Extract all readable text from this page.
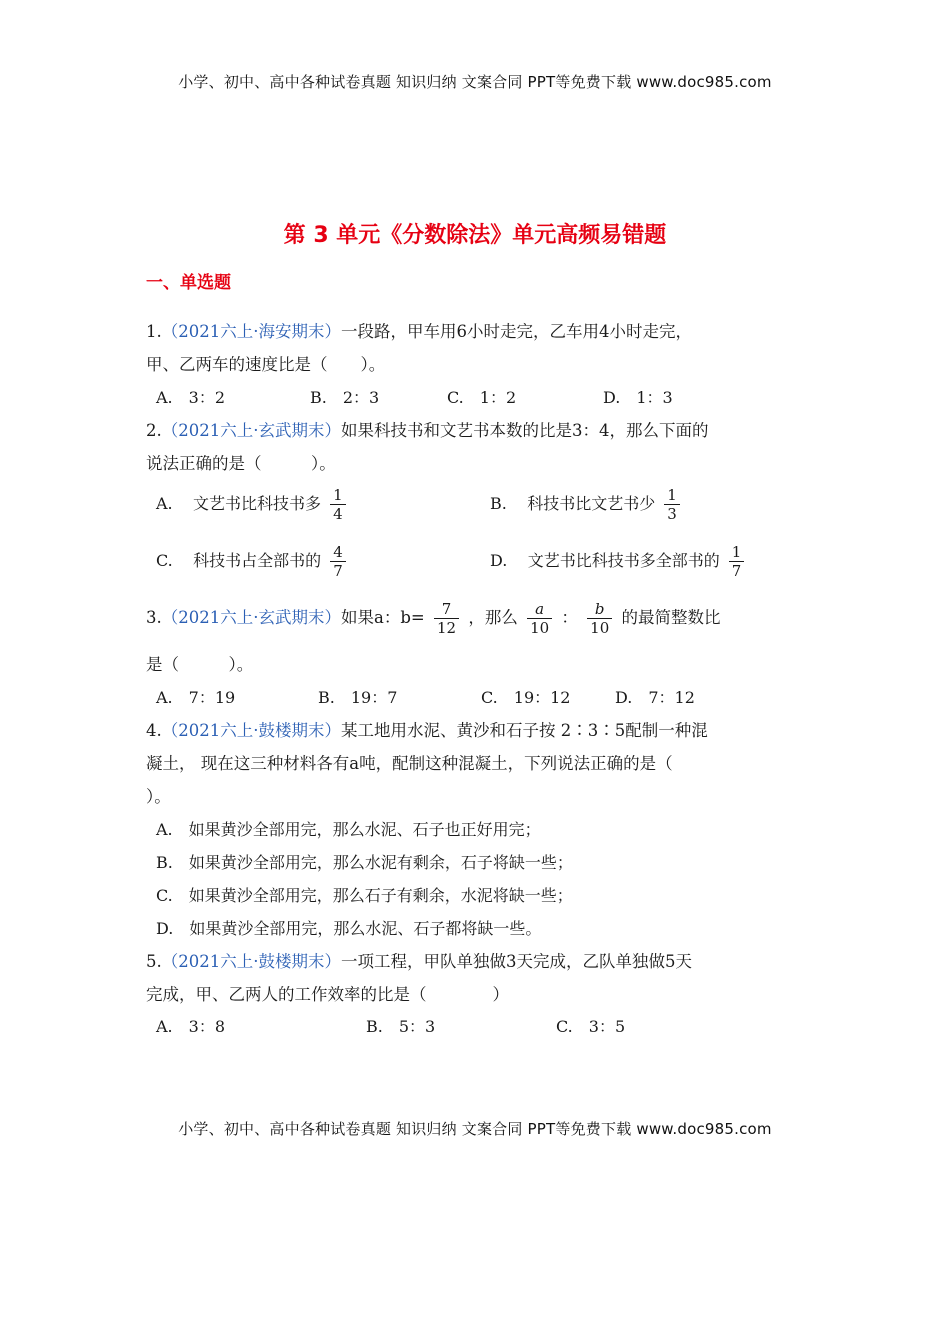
小学、初中、高中各种试卷真题 知识归纳 文案合同 PPT等免费下载 www.doc985.com
第 3 单元《分数除法》单元高频易错题
一、单选题
1.（2021六上·海安期末）一段路，甲车用6小时走完，乙车用4小时走完，
甲、乙两车的速度比是（　　）。
A.　3：2	B.　2：3	C.　1：2	D.　1：3
2.（2021六上·玄武期末）如果科技书和文艺书本数的比是3：4，那么下面的
说法正确的是（　　　）。
A. 文艺书比科技书多 $\frac{1}{4}$	B. 科技书比文艺书少 $\frac{1}{3}$
C. 科技书占全部书的 $\frac{4}{7}$	D. 文艺书比科技书多全部书的 $\frac{1}{7}$
3.（2021六上·玄武期末）如果a：$b= \frac{7}{12}$ ，那么 $\frac{a}{10}$ ： $\frac{b}{10}$ 的最简整数比
是（　　　）。
A.　7：19	B.　19：7	C.　19：12	D.　7：12
4.（2021六上·鼓楼期末）某工地用水泥、黄沙和石子按 2∶3∶5配制一种混
凝土， 现在这三种材料各有a吨，配制这种混凝土，下列说法正确的是（
）。
A.　如果黄沙全部用完，那么水泥、石子也正好用完；
B.　如果黄沙全部用完，那么水泥有剩余，石子将缺一些；
C.　如果黄沙全部用完，那么石子有剩余，水泥将缺一些；
D.　如果黄沙全部用完，那么水泥、石子都将缺一些。
5.（2021六上·鼓楼期末）一项工程，甲队单独做3天完成，乙队单独做5天
完成，甲、乙两人的工作效率的比是（　　　　）
A.　3：8	B.　5：3	C.　3：5
小学、初中、高中各种试卷真题 知识归纳 文案合同 PPT等免费下载 www.doc985.com
